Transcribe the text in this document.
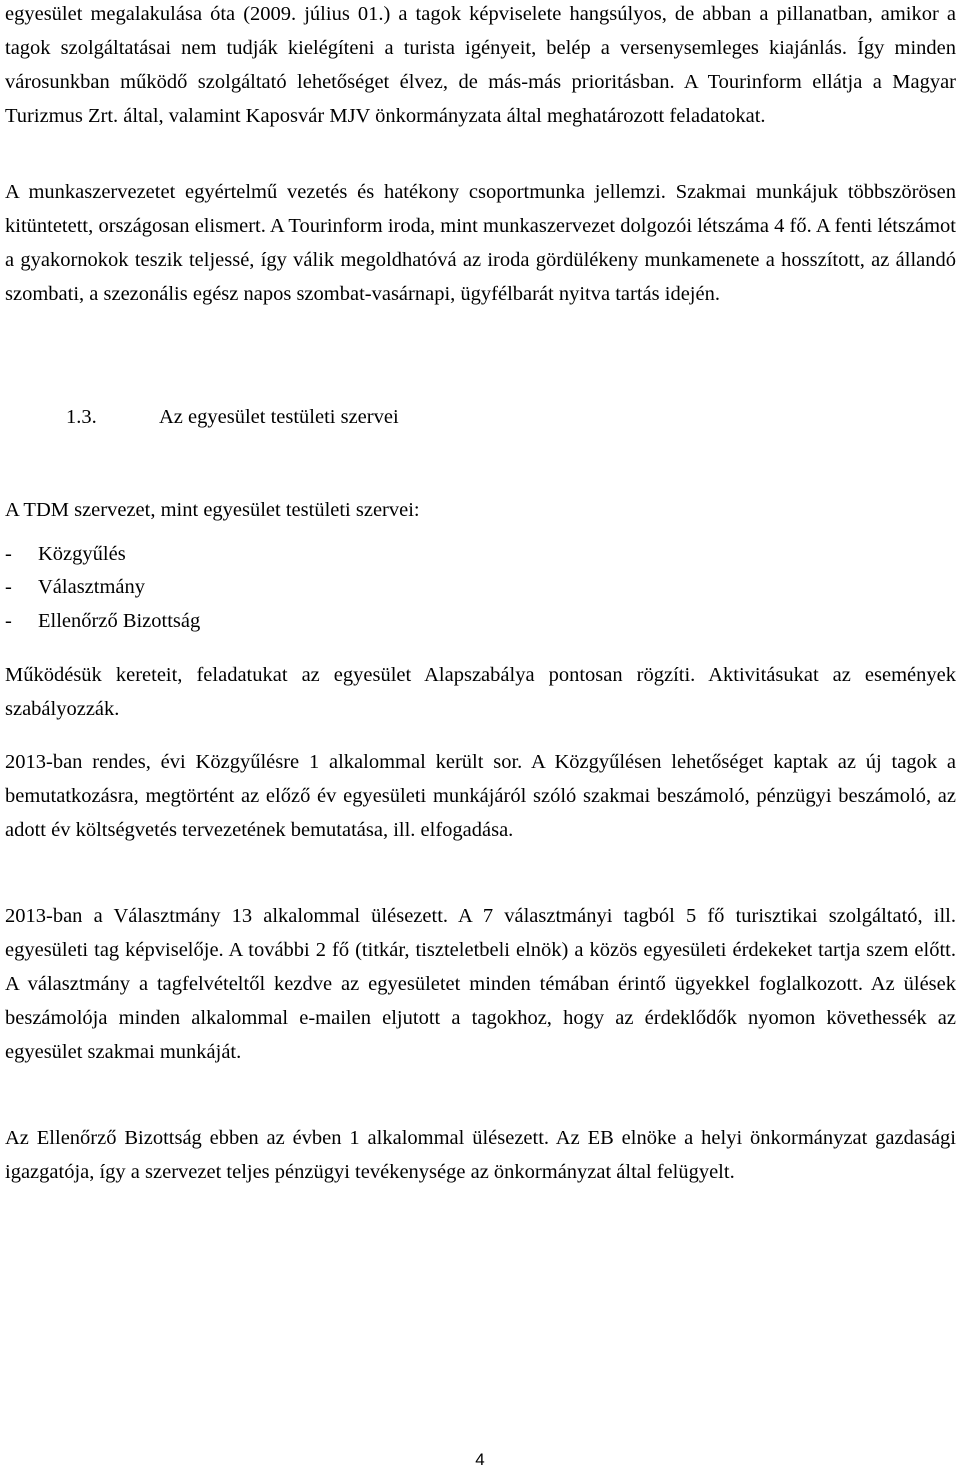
egyesület megalakulása óta (2009. július 01.) a tagok képviselete hangsúlyos, de abban a pillanatban, amikor a tagok szolgáltatásai nem tudják kielégíteni a turista igényeit, belép a versenysemleges kiajánlás. Így minden városunkban működő szolgáltató lehetőséget élvez, de más-más prioritásban. A Tourinform ellátja a Magyar Turizmus Zrt. által, valamint Kaposvár MJV önkormányzata által meghatározott feladatokat.

A munkaszervezetet egyértelmű vezetés és hatékony csoportmunka jellemzi. Szakmai munkájuk többszörösen kitüntetett, országosan elismert. A Tourinform iroda, mint munkaszervezet dolgozói létszáma 4 fő. A fenti létszámot a gyakornokok teszik teljessé, így válik megoldhatóvá az iroda gördülékeny munkamenete a hosszított, az állandó szombati, a szezonális egész napos szombat-vasárnapi, ügyfélbarát nyitva tartás idején.

1.3.	Az egyesület testületi szervei

A TDM szervezet, mint egyesület testületi szervei:

- Közgyűlés
- Választmány
- Ellenőrző Bizottság

Működésük kereteit, feladatukat az egyesület Alapszabálya pontosan rögzíti. Aktivitásukat az események szabályozzák.

2013-ban rendes, évi Közgyűlésre 1 alkalommal került sor. A Közgyűlésen lehetőséget kaptak az új tagok a bemutatkozásra, megtörtént az előző év egyesületi munkájáról szóló szakmai beszámoló, pénzügyi beszámoló, az adott év költségvetés tervezetének bemutatása, ill. elfogadása.

2013-ban a Választmány 13 alkalommal ülésezett. A 7 választmányi tagból 5 fő turisztikai szolgáltató, ill. egyesületi tag képviselője. A további 2 fő (titkár, tiszteletbeli elnök) a közös egyesületi érdekeket tartja szem előtt. A választmány a tagfelvételtől kezdve az egyesületet minden témában érintő ügyekkel foglalkozott. Az ülések beszámolója minden alkalommal e-mailen eljutott a tagokhoz, hogy az érdeklődők nyomon követhessék az egyesület szakmai munkáját.

Az Ellenőrző Bizottság ebben az évben 1 alkalommal ülésezett. Az EB elnöke a helyi önkormányzat gazdasági igazgatója, így a szervezet teljes pénzügyi tevékenysége az önkormányzat által felügyelt.

4
